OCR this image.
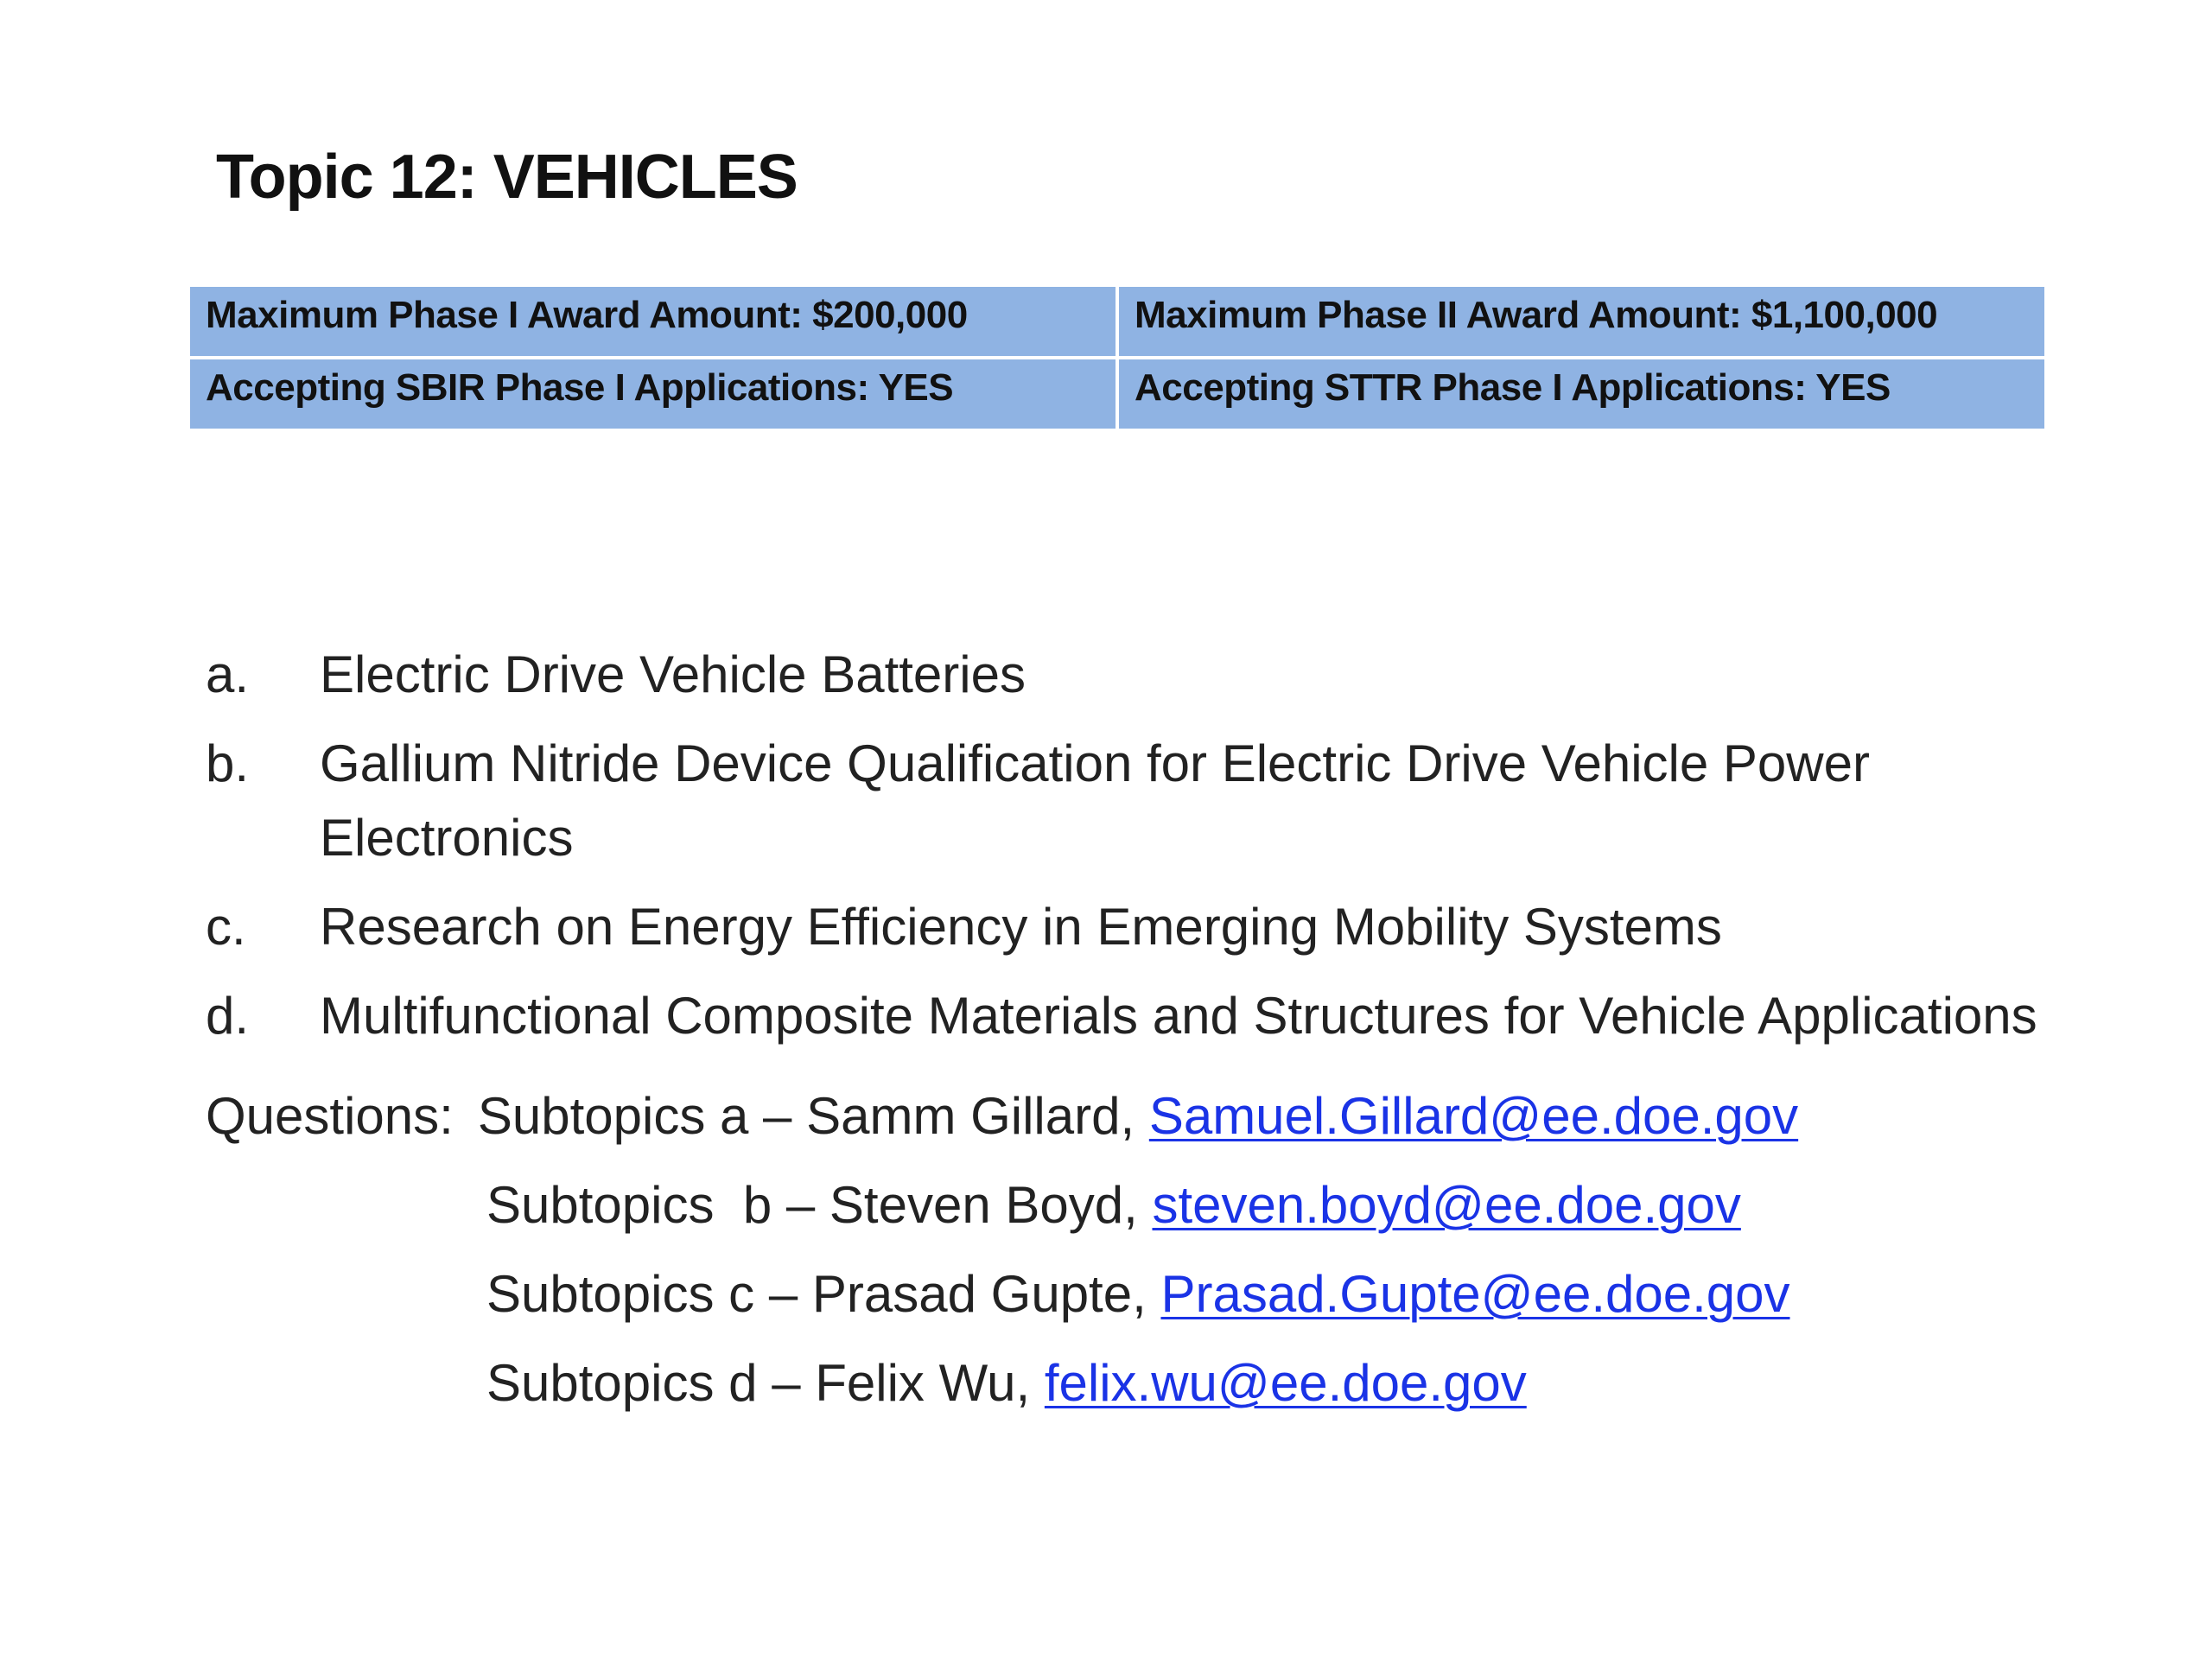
Topic 12: VEHICLES
Maximum Phase I Award Amount: $200,000	Maximum Phase II Award Amount: $1,100,000
Accepting SBIR Phase I Applications: YES	Accepting STTR Phase I Applications: YES
a.	Electric Drive Vehicle Batteries
b.	Gallium Nitride Device Qualification for Electric Drive Vehicle Power Electronics
c.	Research on Energy Efficiency in Emerging Mobility Systems
d.	Multifunctional Composite Materials and Structures for Vehicle Applications
Questions: Subtopics a – Samm Gillard, Samuel.Gillard@ee.doe.gov
Subtopics  b – Steven Boyd, steven.boyd@ee.doe.gov
Subtopics c – Prasad Gupte, Prasad.Gupte@ee.doe.gov
Subtopics d – Felix Wu, felix.wu@ee.doe.gov
